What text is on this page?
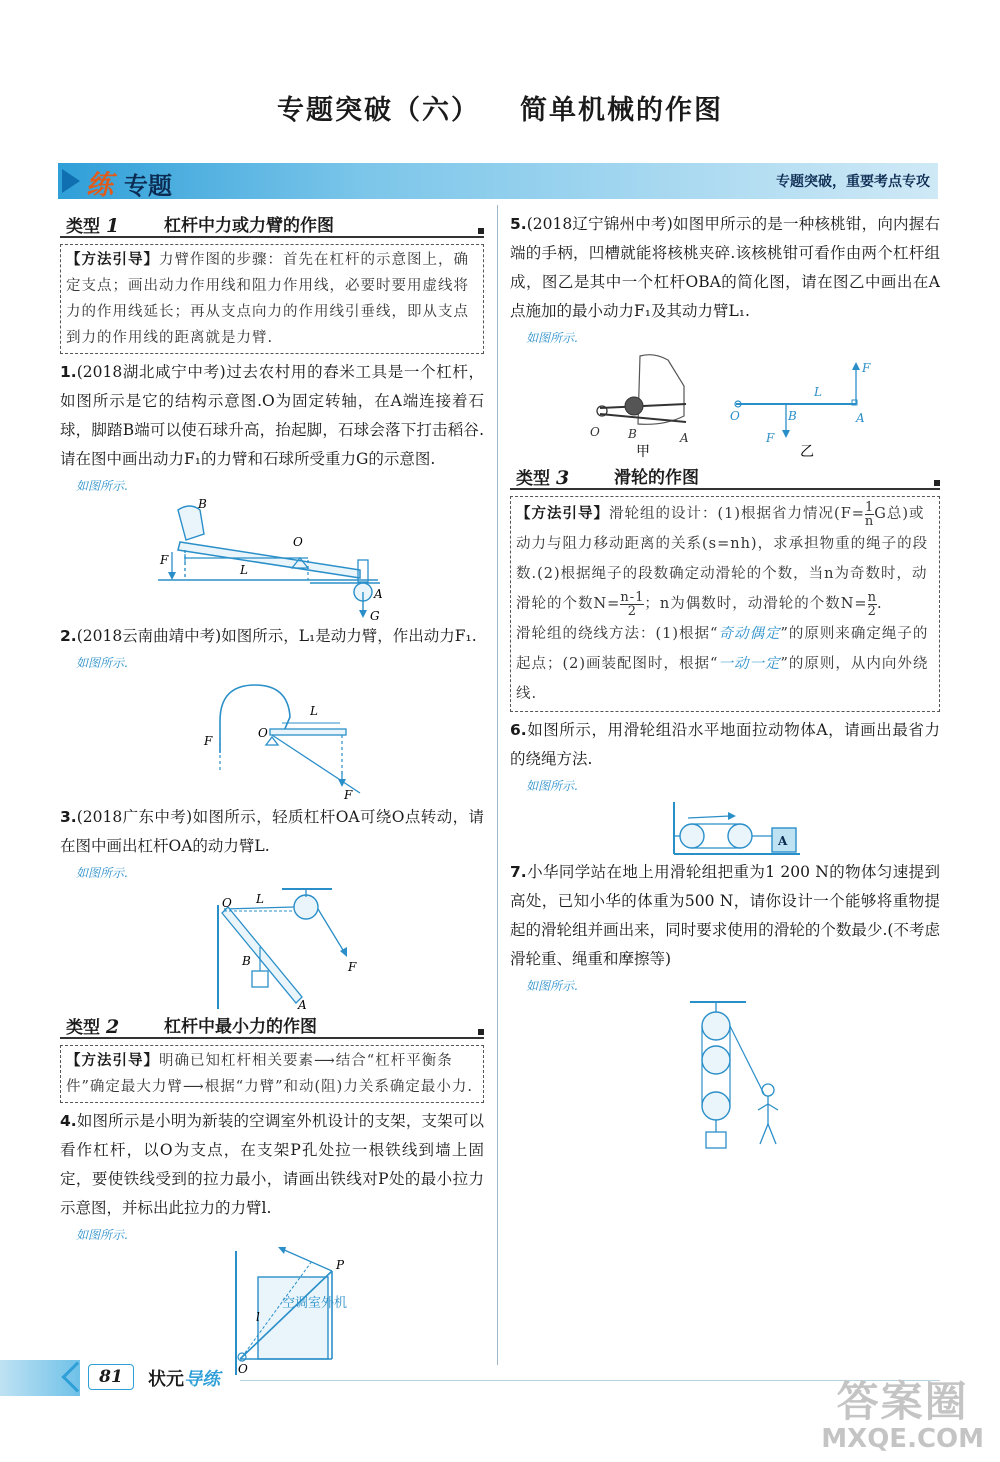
专题突破（六） 简单机械的作图
练 专题	专题突破，重要考点专攻
类型 1	杠杆中力或力臂的作图
【方法引导】力臂作图的步骤：首先在杠杆的示意图上，确定支点；画出动力作用线和阻力作用线，必要时要用虚线将力的作用线延长；再从支点向力的作用线引垂线，即从支点到力的作用线的距离就是力臂.
1.(2018湖北咸宁中考)过去农村用的舂米工具是一个杠杆，如图所示是它的结构示意图.O为固定转轴，在A端连接着石球，脚踏B端可以使石球升高，抬起脚，石球会落下打击稻谷.请在图中画出动力F₁的力臂和石球所受重力G的示意图.
如图所示.
B
F
L
O
A
G
2.(2018云南曲靖中考)如图所示，L₁是动力臂，作出动力F₁.
如图所示.
F
O
L
F
3.(2018广东中考)如图所示，轻质杠杆OA可绕O点转动，请在图中画出杠杆OA的动力臂L.
如图所示.
O L
F
B
A
类型 2	杠杆中最小力的作图
【方法引导】明确已知杠杆相关要素⟶结合“杠杆平衡条件”确定最大力臂⟶根据“力臂”和动(阻)力关系确定最小力.
4.如图所示是小明为新装的空调室外机设计的支架，支架可以看作杠杆，以O为支点，在支架P孔处拉一根铁线到墙上固定，要使铁线受到的拉力最小，请画出铁线对P处的最小拉力示意图，并标出此拉力的力臂l.
如图所示.
空调室外机
O
P
l
5.(2018辽宁锦州中考)如图甲所示的是一种核桃钳，向内握右端的手柄，凹槽就能将核桃夹碎.该核桃钳可看作由两个杠杆组成，图乙是其中一个杠杆OBA的简化图，请在图乙中画出在A点施加的最小动力F₁及其动力臂L₁.
如图所示.
O B	A
O	B	A
F
F
L
甲	乙
类型 3	滑轮的作图
【方法引导】滑轮组的设计：(1)根据省力情况($F= \frac{1}{n}$ G总)或动力与阻力移动距离的关系(s=nh)，求承担物重的绳子的段数.(2)根据绳子的段数确定动滑轮的个数，当n为奇数时，动滑轮的个数$N= \frac{n-1}{2}$ ；n为偶数时，动滑轮的个数$N= \frac{n}{2}$ .
滑轮组的绕线方法：(1)根据“奇动偶定”的原则来确定绳子的起点；(2)画装配图时，根据“一动一定”的原则，从内向外绕线.
6.如图所示，用滑轮组沿水平地面拉动物体A，请画出最省力的绕绳方法.
如图所示.
A
7.小华同学站在地上用滑轮组把重为1 200 N的物体匀速提到高处，已知小华的体重为500 N，请你设计一个能够将重物提起的滑轮组并画出来，同时要求使用的滑轮的个数最少.(不考虑滑轮重、绳重和摩擦等)
如图所示.
81	状元导练	答案圈
MXQE.COM
